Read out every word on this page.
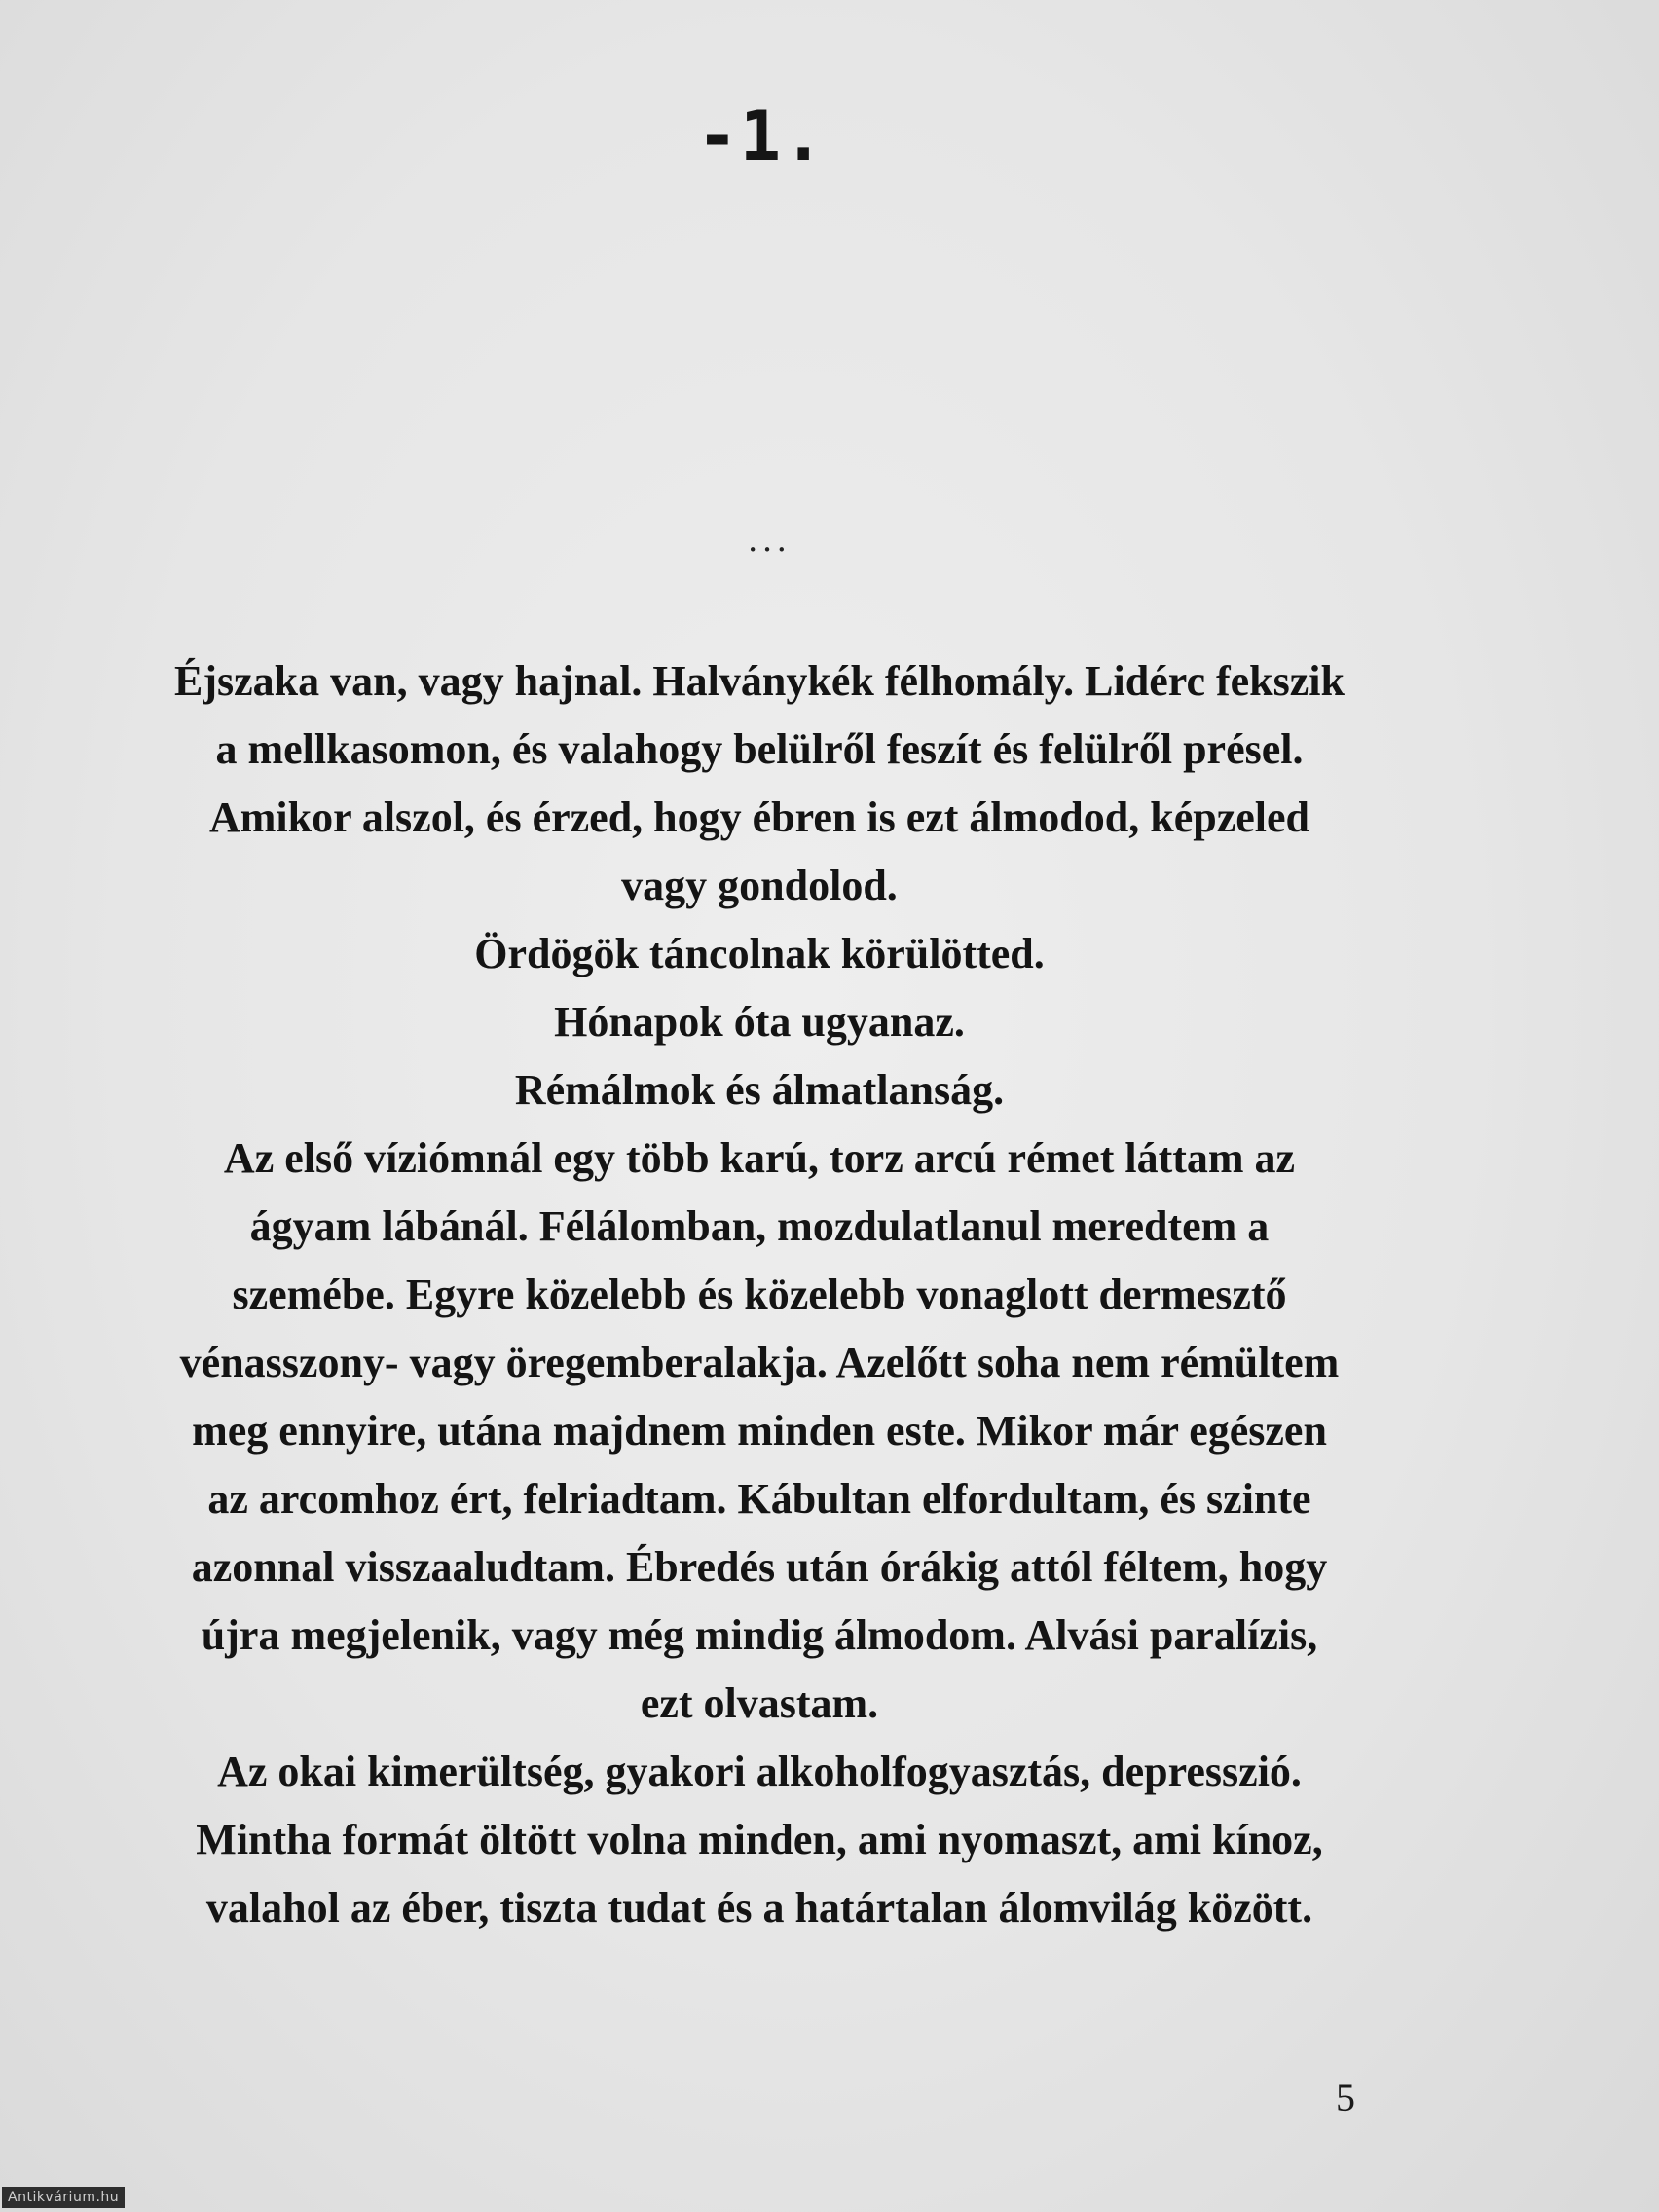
-1.
...
Éjszaka van, vagy hajnal. Halványkék félhomály. Lidérc fekszik
a mellkasomon, és valahogy belülről feszít és felülről présel.
Amikor alszol, és érzed, hogy ébren is ezt álmodod, képzeled
vagy gondolod.
Ördögök táncolnak körülötted.
Hónapok óta ugyanaz.
Rémálmok és álmatlanság.
Az első víziómnál egy több karú, torz arcú rémet láttam az
ágyam lábánál. Félálomban, mozdulatlanul meredtem a
szemébe. Egyre közelebb és közelebb vonaglott dermesztő
vénasszony- vagy öregemberalakja. Azelőtt soha nem rémültem
meg ennyire, utána majdnem minden este. Mikor már egészen
az arcomhoz ért, felriadtam. Kábultan elfordultam, és szinte
azonnal visszaaludtam. Ébredés után órákig attól féltem, hogy
újra megjelenik, vagy még mindig álmodom. Alvási paralízis,
ezt olvastam.
Az okai kimerültség, gyakori alkoholfogyasztás, depresszió.
Mintha formát öltött volna minden, ami nyomaszt, ami kínoz,
valahol az éber, tiszta tudat és a határtalan álomvilág között.
5
Antikvárium.hu
